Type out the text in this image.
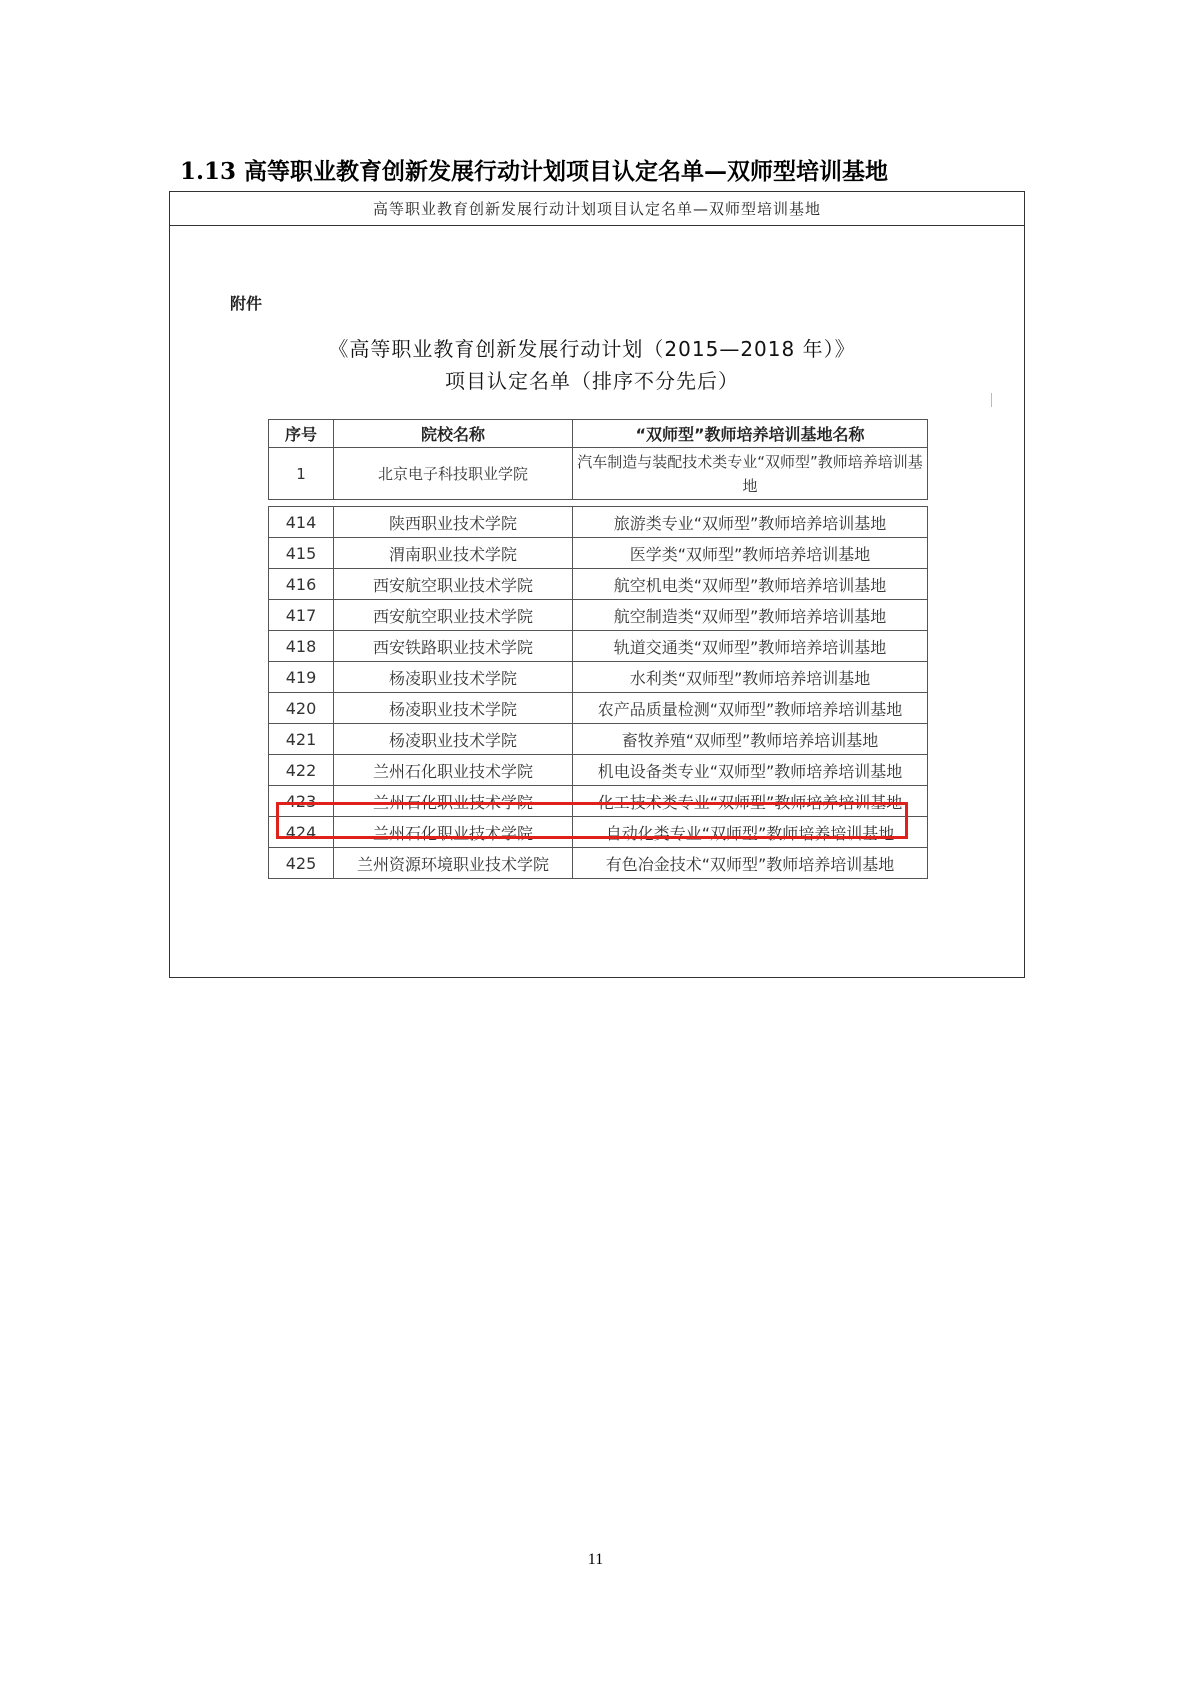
1.13 高等职业教育创新发展行动计划项目认定名单—双师型培训基地
高等职业教育创新发展行动计划项目认定名单—双师型培训基地
附件
《高等职业教育创新发展行动计划（2015—2018 年）》
项目认定名单（排序不分先后）
序号	院校名称	“双师型”教师培养培训基地名称
1	北京电子科技职业学院	汽车制造与装配技术类专业“双师型”教师培养培训基地

414	陕西职业技术学院	旅游类专业“双师型”教师培养培训基地
415	渭南职业技术学院	医学类“双师型”教师培养培训基地
416	西安航空职业技术学院	航空机电类“双师型”教师培养培训基地
417	西安航空职业技术学院	航空制造类“双师型”教师培养培训基地
418	西安铁路职业技术学院	轨道交通类“双师型”教师培养培训基地
419	杨凌职业技术学院	水利类“双师型”教师培养培训基地
420	杨凌职业技术学院	农产品质量检测“双师型”教师培养培训基地
421	杨凌职业技术学院	畜牧养殖“双师型”教师培养培训基地
422	兰州石化职业技术学院	机电设备类专业“双师型”教师培养培训基地
423	兰州石化职业技术学院	化工技术类专业“双师型”教师培养培训基地
424	兰州石化职业技术学院	自动化类专业“双师型”教师培养培训基地
425	兰州资源环境职业技术学院	有色冶金技术“双师型”教师培养培训基地
11
